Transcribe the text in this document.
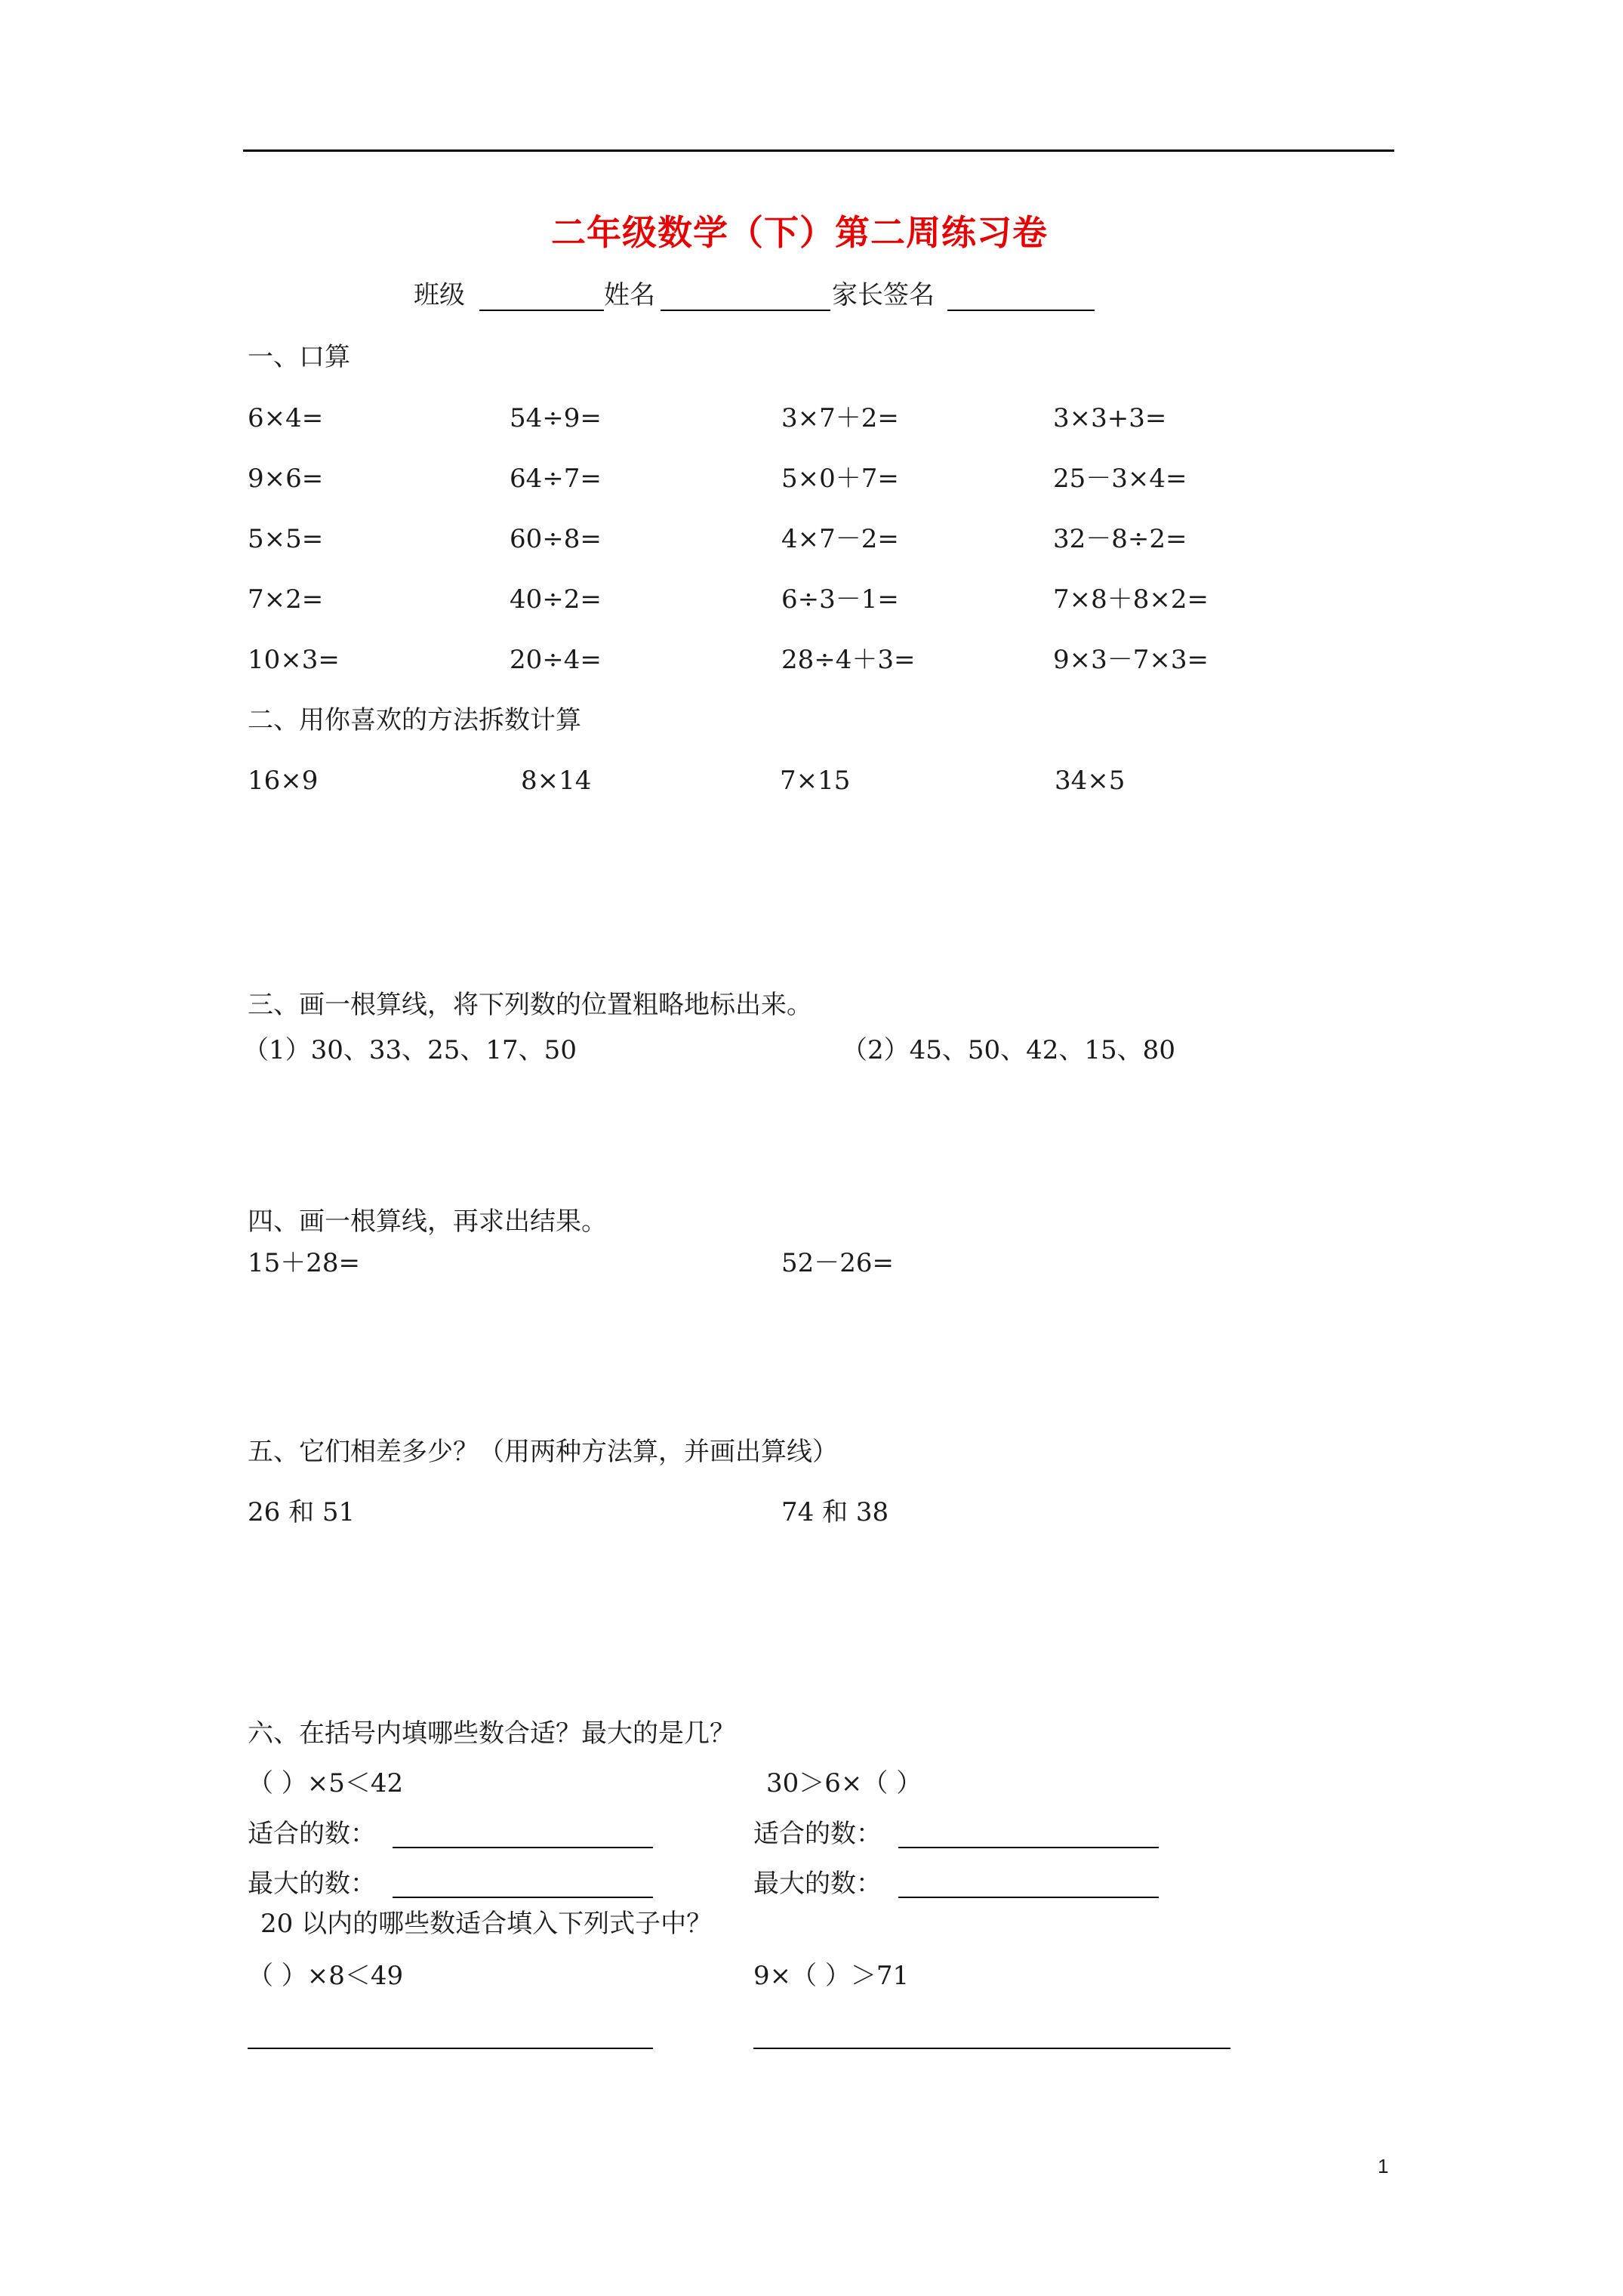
二年级数学（下）第二周练习卷
班级	姓名	家长签名
一、口算
6×4=	54÷9=	3×7＋2=	3×3+3=
9×6=	64÷7=	5×0＋7=	25－3×4=
5×5=	60÷8=	4×7－2=	32－8÷2=
7×2=	40÷2=	6÷3－1=	7×8＋8×2=
10×3=	20÷4=	28÷4＋3=	9×3－7×3=
二、用你喜欢的方法拆数计算
16×9	8×14	7×15	34×5
三、画一根算线，将下列数的位置粗略地标出来。
（1）30、33、25、17、50	（2）45、50、42、15、80
四、画一根算线，再求出结果。
15＋28=	52－26=
五、它们相差多少？（用两种方法算，并画出算线）
26 和 51	74 和 38
六、在括号内填哪些数合适？最大的是几？
（ ）×5＜42	30＞6×（ ）
适合的数：	适合的数：
最大的数：	最大的数：
20 以内的哪些数适合填入下列式子中？
（ ）×8＜49	9×（ ）＞71
1
